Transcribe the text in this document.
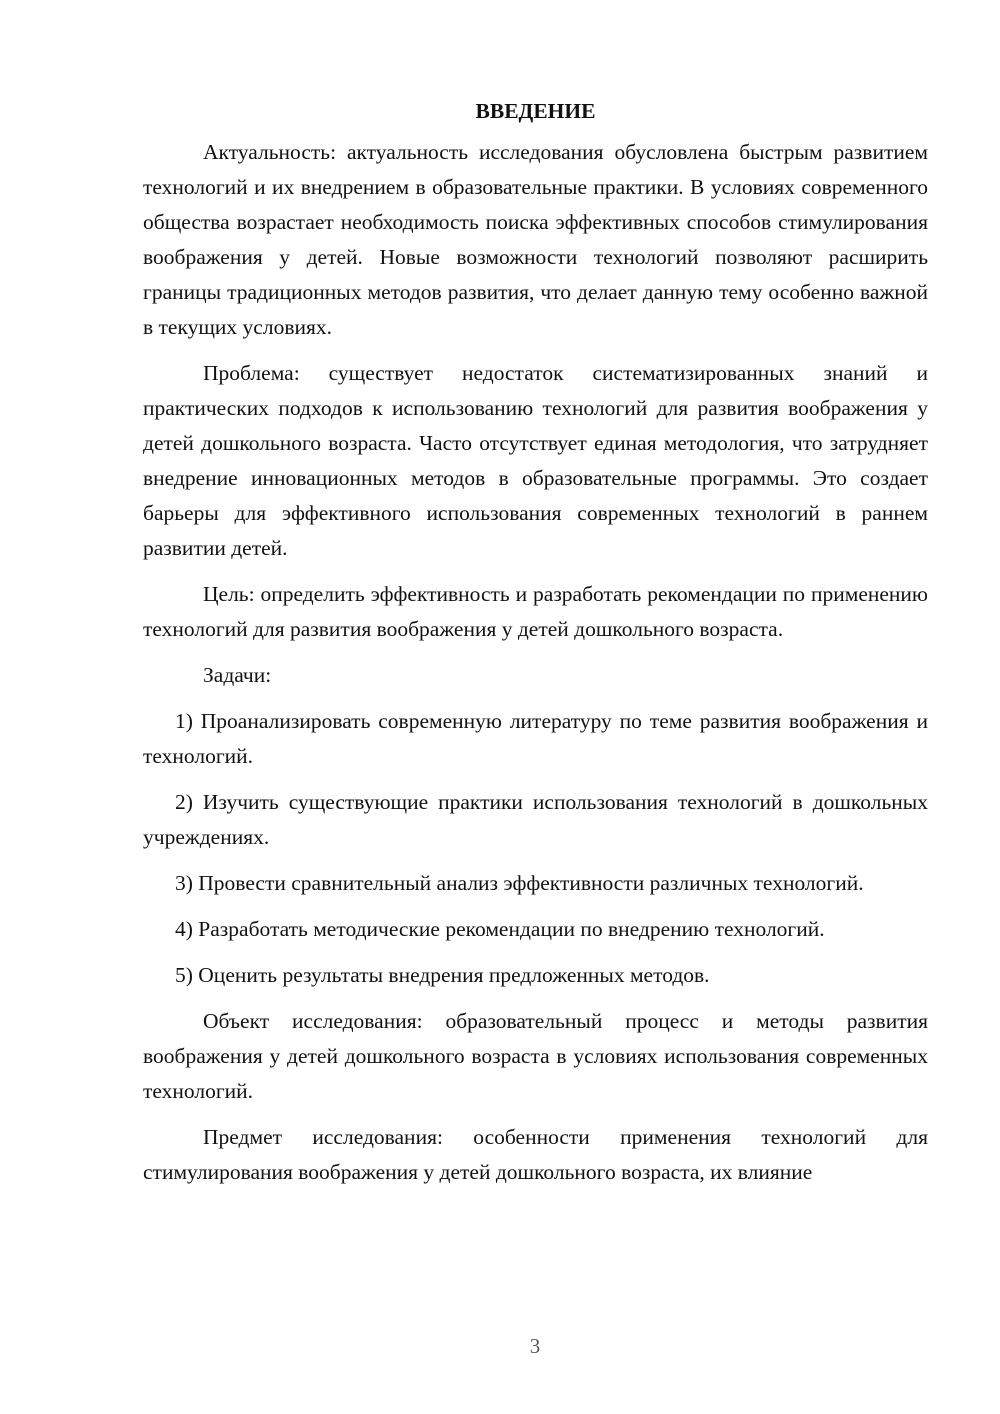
ВВЕДЕНИЕ

Актуальность: актуальность исследования обусловлена быстрым развитием технологий и их внедрением в образовательные практики. В условиях современного общества возрастает необходимость поиска эффективных способов стимулирования воображения у детей. Новые возможности технологий позволяют расширить границы традиционных методов развития, что делает данную тему особенно важной в текущих условиях.

Проблема: существует недостаток систематизированных знаний и практических подходов к использованию технологий для развития воображения у детей дошкольного возраста. Часто отсутствует единая методология, что затрудняет внедрение инновационных методов в образовательные программы. Это создает барьеры для эффективного использования современных технологий в раннем развитии детей.

Цель: определить эффективность и разработать рекомендации по применению технологий для развития воображения у детей дошкольного возраста.

Задачи:

1) Проанализировать современную литературу по теме развития воображения и технологий.

2) Изучить существующие практики использования технологий в дошкольных учреждениях.

3) Провести сравнительный анализ эффективности различных технологий.

4) Разработать методические рекомендации по внедрению технологий.

5) Оценить результаты внедрения предложенных методов.

Объект исследования: образовательный процесс и методы развития воображения у детей дошкольного возраста в условиях использования современных технологий.

Предмет исследования: особенности применения технологий для стимулирования воображения у детей дошкольного возраста, их влияние

3
